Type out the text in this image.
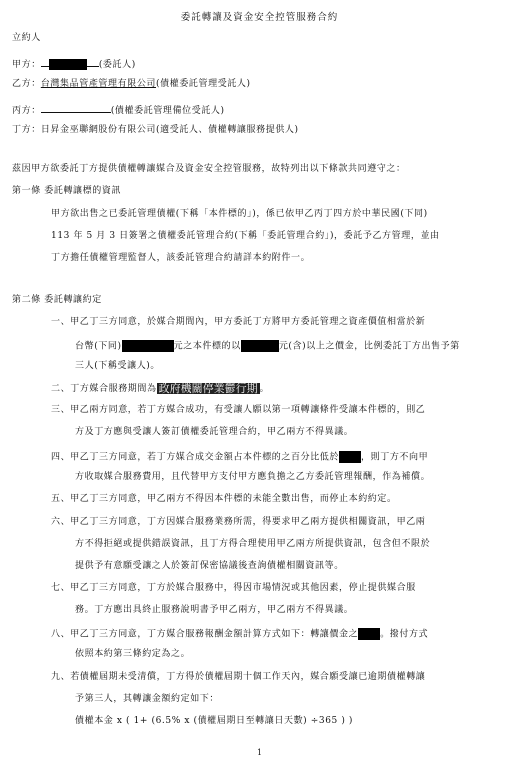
委託轉讓及資金安全控管服務合約
立約人
甲方：	(委託人)
乙方：台灣集品管產管理有限公司(債權委託管理受託人)
丙方：	(債權委託管理備位受託人)
丁方：日昇金巫聯網股份有限公司(適受託人、債權轉讓服務提供人)
茲因甲方欲委託丁方提供債權轉讓媒合及資金安全控管服務，故特列出以下條款共同遵守之：
第一條 委託轉讓標的資訊
甲方欲出售之已委託管理債權(下稱「本件標的」)，係已依甲乙丙丁四方於中華民國(下同)
113 年 5 月 3 日簽署之債權委託管理合約(下稱「委託管理合約」)，委託予乙方管理，並由
丁方擔任債權管理監督人，該委託管理合約請詳本約附件一。
第二條 委託轉讓約定
一、甲乙丁三方同意，於媒合期間內，甲方委託丁方將甲方委託管理之資產價值相當於新
台幣(下同)	元之本件標的以	元(含)以上之價金，比例委託丁方出售予第
三人(下稱受讓人)。
二、丁方媒合服務期間為 政府機關停業鬱行期 。
三、甲乙兩方同意，若丁方媒合成功，有受讓人願以第一項轉讓條件受讓本件標的，則乙
方及丁方應與受讓人簽訂債權委託管理合約，甲乙兩方不得異議。
四、甲乙丁三方同意，若丁方媒合成交金額占本件標的之百分比低於 ，則丁方不向甲
方收取媒合服務費用，且代替甲方支付甲方應負擔之乙方委託管理報酬，作為補償。
五、甲乙丁三方同意，甲乙兩方不得因本件標的未能全數出售，而停止本約約定。
六、甲乙丁三方同意，丁方因媒合服務業務所需，得要求甲乙兩方提供相關資訊，甲乙兩
方不得拒絕或提供錯誤資訊，且丁方得合理使用甲乙兩方所提供資訊，包含但不限於
提供予有意願受讓之人於簽訂保密協議後查詢債權相關資訊等。
七、甲乙丁三方同意，丁方於媒合服務中，得因市場情況或其他因素，停止提供媒合服
務。丁方應出具終止服務說明書予甲乙兩方，甲乙兩方不得異議。
八、甲乙丁三方同意，丁方媒合服務報酬金額計算方式如下：轉讓價金之 。撥付方式
依照本約第三條約定為之。
九、若債權屆期未受清償，丁方得於債權屆期十個工作天內，媒合願受讓已逾期債權轉讓
予第三人，其轉讓金額約定如下：
債權本金 x ( 1+ (6.5% x (債權屆期日至轉讓日天數) ÷365 ) )
1
